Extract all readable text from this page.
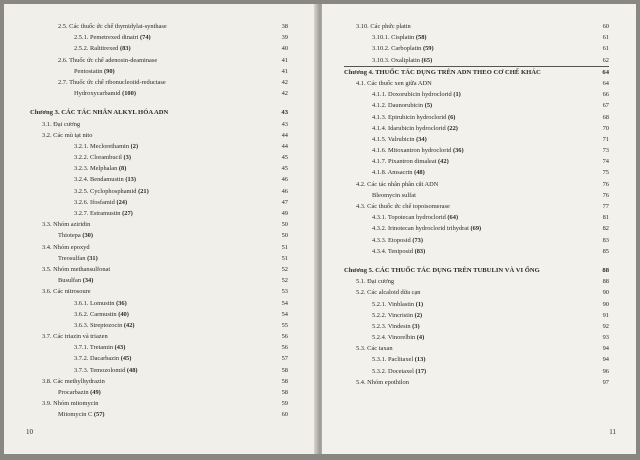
2.5. Các thuốc ức chế thymidylat-synthase	38
2.5.1. Pemetrexed dinatri (74)	39
2.5.2. Raltitrexed (83)	40
2.6. Thuốc ức chế adenosin-deaminase	41
Pentostatin (90)	41
2.7. Thuốc ức chế ribonucleotid-reductase	42
Hydroxycarbamid (100)	42
Chương 3. CÁC TÁC NHÂN ALKYL HÓA ADN	43
3.1. Đại cương	43
3.2. Các mù tạt nito	44
3.2.1. Meclorethamin (2)	44
3.2.2. Clorambucil (3)	45
3.2.3. Melphalan (8)	45
3.2.4. Bendamustin (13)	46
3.2.5. Cyclophosphamid (21)	46
3.2.6. Ifosfamid (24)	47
3.2.7. Estramustin (27)	49
3.3. Nhóm aziridin	50
Thiotepa (30)	50
3.4. Nhóm epoxyd	51
Treosulfan (31)	51
3.5. Nhóm methansulfonat	52
Busulfan (34)	52
3.6. Các nitrosoure	53
3.6.1. Lomustin (36)	54
3.6.2. Carmustin (40)	54
3.6.3. Streptozocin (42)	55
3.7. Các triazin và triazen	56
3.7.1. Tretamin (43)	56
3.7.2. Dacarbazin (45)	57
3.7.3. Temozolomid (48)	58
3.8. Các methylhydrazin	58
Procarbazin (49)	58
3.9. Nhóm mitomycin	59
Mitomycin C (57)	60
10
3.10. Các phức platin	60
3.10.1. Cisplatin (58)	61
3.10.2. Carboplatin (59)	61
3.10.3. Oxaliplatin (65)	62
Chương 4. THUỐC TÁC DỤNG TRÊN ADN THEO CƠ CHẾ KHÁC	64
4.1. Các thuốc xen giữa ADN	64
4.1.1. Doxorubicin hydroclorid (1)	66
4.1.2. Daunorubicin (5)	67
4.1.3. Epirubicin hydroclorid (6)	68
4.1.4. Idarubicin hydroclorid (22)	70
4.1.5. Valrubicin (34)	71
4.1.6. Mitoxantron hydroclorid (36)	73
4.1.7. Pixantron dimaleat (42)	74
4.1.8. Amsacrin (48)	75
4.2. Các tác nhân phân cắt ADN	76
Bleomycin sulfat	76
4.3. Các thuốc ức chế topoisomerase	77
4.3.1. Topotecan hydroclorid (64)	81
4.3.2. Irinotecan hydroclorid trihydrat (69)	82
4.3.3. Etoposid (73)	83
4.3.4. Teniposid (83)	85
Chương 5. CÁC THUỐC TÁC DỤNG TRÊN TUBULIN VÀ VI ỐNG	88
5.1. Đại cương	88
5.2. Các alcaloid dừa cạn	90
5.2.1. Vinblastin (1)	90
5.2.2. Vincristin (2)	91
5.2.3. Vindesin (3)	92
5.2.4. Vinorelbin (4)	93
5.3. Các taxan	94
5.3.1. Paclitaxel (13)	94
5.3.2. Docetaxel (17)	96
5.4. Nhóm epothilon	97
11
